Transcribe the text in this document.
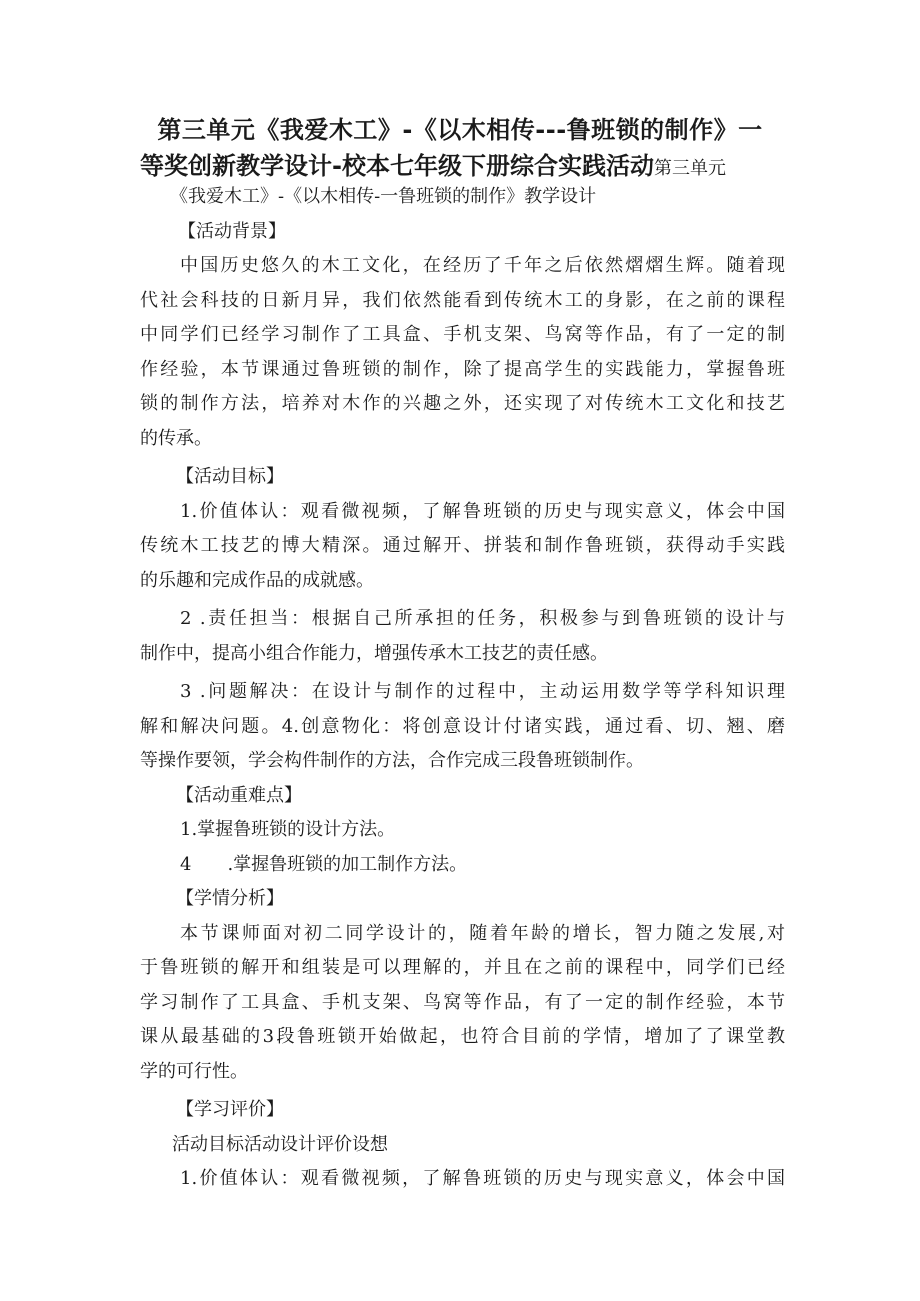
第三单元《我爱木工》-《以木相传---鲁班锁的制作》一
等奖创新教学设计-校本七年级下册综合实践活动第三单元
《我爱木工》-《以木相传-一鲁班锁的制作》教学设计
【活动背景】
中国历史悠久的木工文化，在经历了千年之后依然熠熠生辉。随着现
代社会科技的日新月异，我们依然能看到传统木工的身影，在之前的课程
中同学们已经学习制作了工具盒、手机支架、鸟窝等作品，有了一定的制
作经验，本节课通过鲁班锁的制作，除了提高学生的实践能力，掌握鲁班
锁的制作方法，培养对木作的兴趣之外，还实现了对传统木工文化和技艺
的传承。
【活动目标】
1.价值体认：观看微视频，了解鲁班锁的历史与现实意义，体会中国
传统木工技艺的博大精深。通过解开、拼装和制作鲁班锁，获得动手实践
的乐趣和完成作品的成就感。
2 .责任担当：根据自己所承担的任务，积极参与到鲁班锁的设计与
制作中，提高小组合作能力，增强传承木工技艺的责任感。
3 .问题解决：在设计与制作的过程中，主动运用数学等学科知识理
解和解决问题。4.创意物化：将创意设计付诸实践，通过看、切、翘、磨
等操作要领，学会构件制作的方法，合作完成三段鲁班锁制作。
【活动重难点】
1.掌握鲁班锁的设计方法。
4 .掌握鲁班锁的加工制作方法。
【学情分析】
本节课师面对初二同学设计的，随着年龄的增长，智力随之发展,对
于鲁班锁的解开和组装是可以理解的，并且在之前的课程中，同学们已经
学习制作了工具盒、手机支架、鸟窝等作品，有了一定的制作经验，本节
课从最基础的3段鲁班锁开始做起，也符合目前的学情，增加了了课堂教
学的可行性。
【学习评价】
活动目标活动设计评价设想
1.价值体认：观看微视频，了解鲁班锁的历史与现实意义，体会中国
